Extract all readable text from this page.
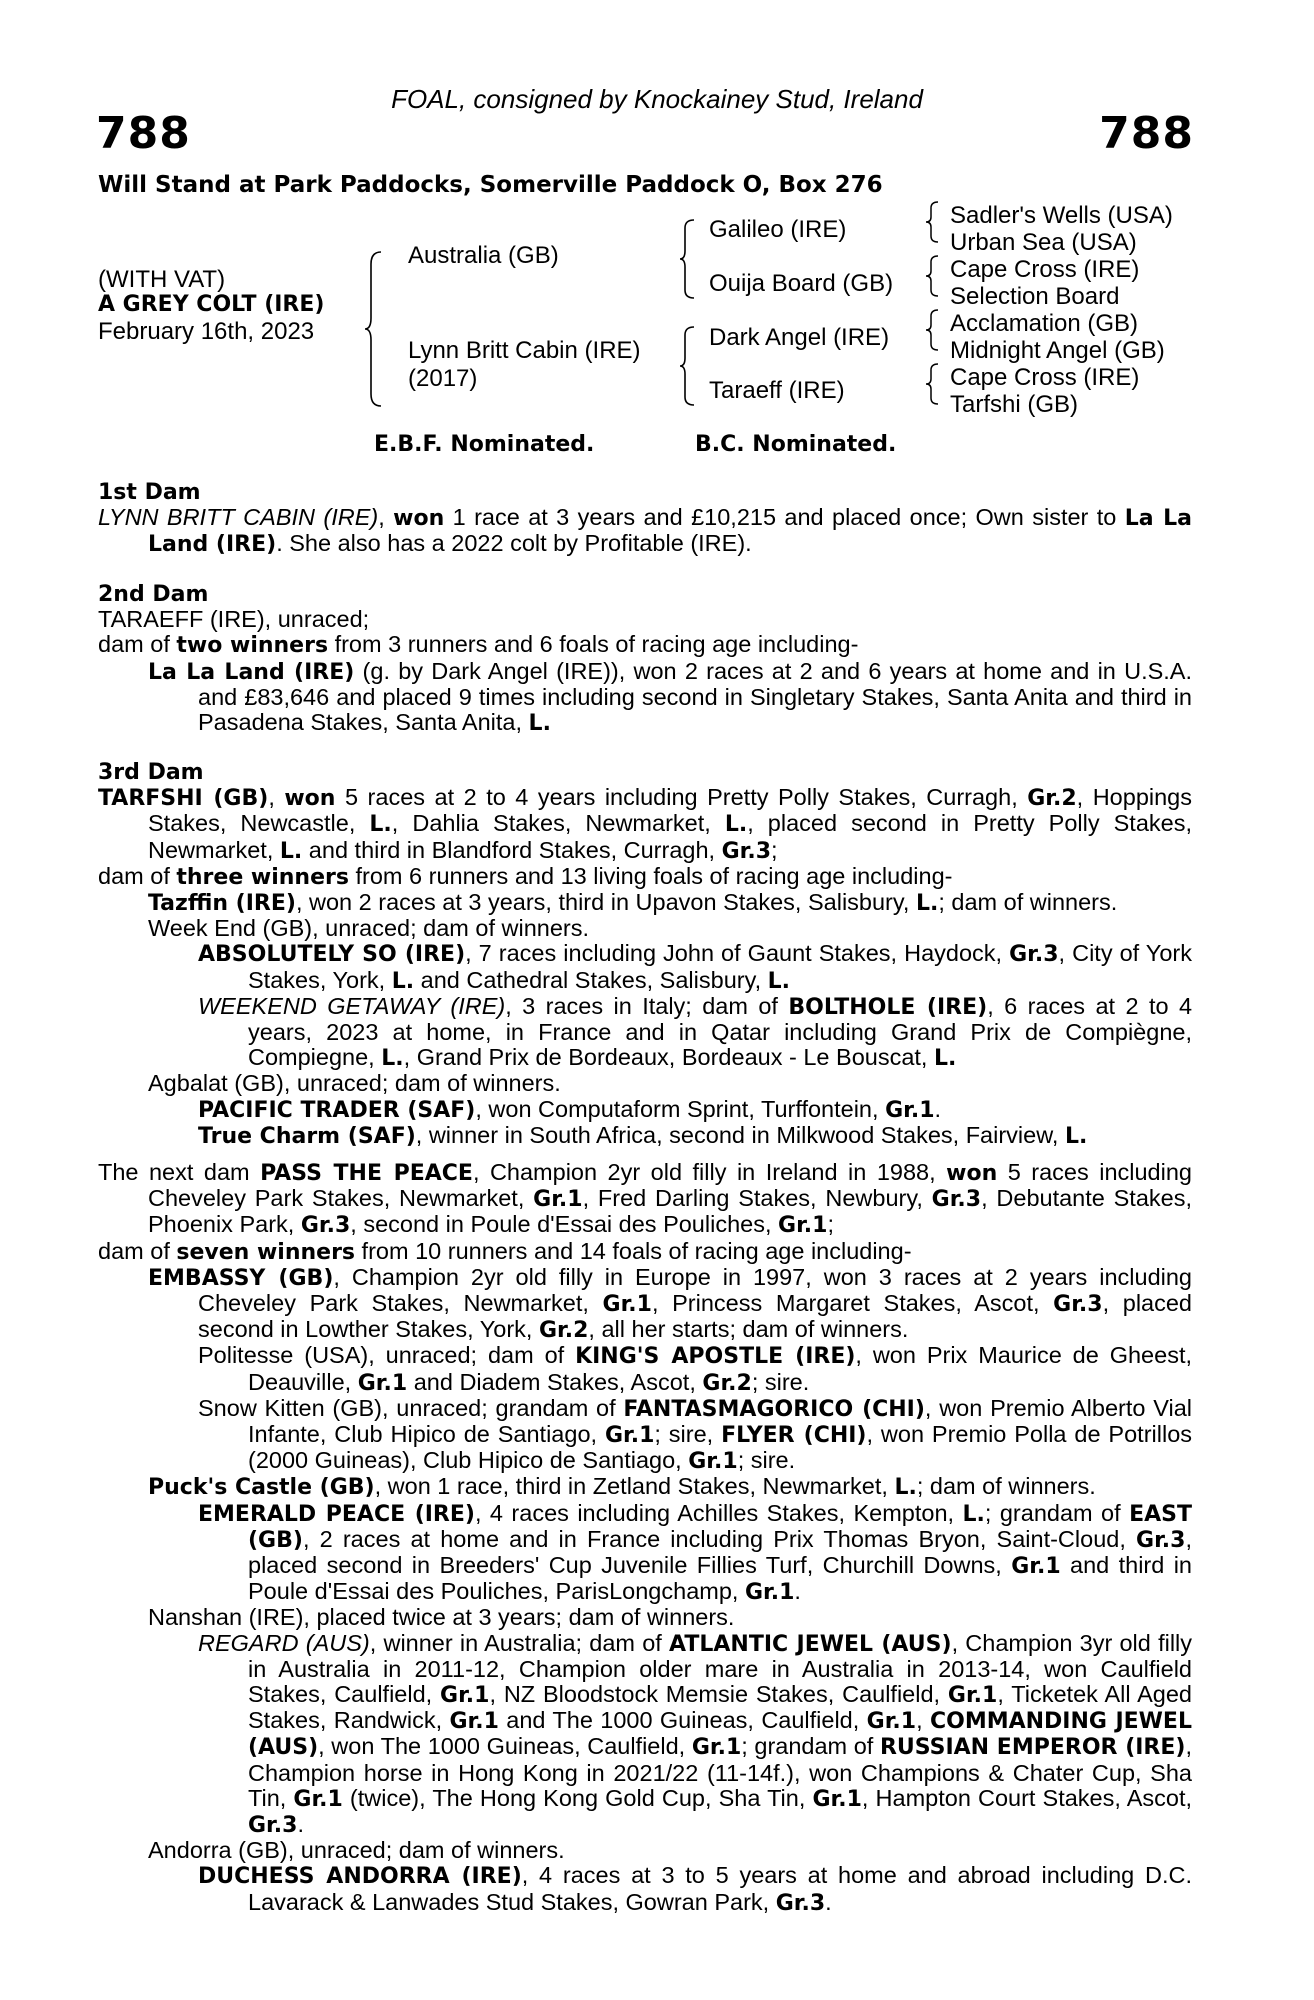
FOAL, consigned by Knockainey Stud, Ireland
788	788
Will Stand at Park Paddocks, Somerville Paddock O, Box 276
(WITH VAT)
A GREY COLT (IRE)
February 16th, 2023
Australia (GB)
Lynn Britt Cabin (IRE)
(2017)
Galileo (IRE)
Ouija Board (GB)
Dark Angel (IRE)
Taraeff (IRE)
Sadler's Wells (USA)
Urban Sea (USA)
Cape Cross (IRE)
Selection Board
Acclamation (GB)
Midnight Angel (GB)
Cape Cross (IRE)
Tarfshi (GB)
E.B.F. Nominated.	B.C. Nominated.
1st Dam
LYNN BRITT CABIN (IRE), won 1 race at 3 years and £10,215 and placed once; Own sister to La La Land (IRE). She also has a 2022 colt by Profitable (IRE).
2nd Dam
TARAEFF (IRE), unraced;
dam of two winners from 3 runners and 6 foals of racing age including-
La La Land (IRE) (g. by Dark Angel (IRE)), won 2 races at 2 and 6 years at home and in U.S.A. and £83,646 and placed 9 times including second in Singletary Stakes, Santa Anita and third in Pasadena Stakes, Santa Anita, L.
3rd Dam
TARFSHI (GB), won 5 races at 2 to 4 years including Pretty Polly Stakes, Curragh, Gr.2, Hoppings Stakes, Newcastle, L., Dahlia Stakes, Newmarket, L., placed second in Pretty Polly Stakes, Newmarket, L. and third in Blandford Stakes, Curragh, Gr.3;
dam of three winners from 6 runners and 13 living foals of racing age including-
Tazffin (IRE), won 2 races at 3 years, third in Upavon Stakes, Salisbury, L.; dam of winners.
Week End (GB), unraced; dam of winners.
ABSOLUTELY SO (IRE), 7 races including John of Gaunt Stakes, Haydock, Gr.3, City of York Stakes, York, L. and Cathedral Stakes, Salisbury, L.
WEEKEND GETAWAY (IRE), 3 races in Italy; dam of BOLTHOLE (IRE), 6 races at 2 to 4 years, 2023 at home, in France and in Qatar including Grand Prix de Compiègne, Compiegne, L., Grand Prix de Bordeaux, Bordeaux - Le Bouscat, L.
Agbalat (GB), unraced; dam of winners.
PACIFIC TRADER (SAF), won Computaform Sprint, Turffontein, Gr.1.
True Charm (SAF), winner in South Africa, second in Milkwood Stakes, Fairview, L.
The next dam PASS THE PEACE, Champion 2yr old filly in Ireland in 1988, won 5 races including Cheveley Park Stakes, Newmarket, Gr.1, Fred Darling Stakes, Newbury, Gr.3, Debutante Stakes, Phoenix Park, Gr.3, second in Poule d'Essai des Pouliches, Gr.1;
dam of seven winners from 10 runners and 14 foals of racing age including-
EMBASSY (GB), Champion 2yr old filly in Europe in 1997, won 3 races at 2 years including Cheveley Park Stakes, Newmarket, Gr.1, Princess Margaret Stakes, Ascot, Gr.3, placed second in Lowther Stakes, York, Gr.2, all her starts; dam of winners.
Politesse (USA), unraced; dam of KING'S APOSTLE (IRE), won Prix Maurice de Gheest, Deauville, Gr.1 and Diadem Stakes, Ascot, Gr.2; sire.
Snow Kitten (GB), unraced; grandam of FANTASMAGORICO (CHI), won Premio Alberto Vial Infante, Club Hipico de Santiago, Gr.1; sire, FLYER (CHI), won Premio Polla de Potrillos (2000 Guineas), Club Hipico de Santiago, Gr.1; sire.
Puck's Castle (GB), won 1 race, third in Zetland Stakes, Newmarket, L.; dam of winners.
EMERALD PEACE (IRE), 4 races including Achilles Stakes, Kempton, L.; grandam of EAST (GB), 2 races at home and in France including Prix Thomas Bryon, Saint-Cloud, Gr.3, placed second in Breeders' Cup Juvenile Fillies Turf, Churchill Downs, Gr.1 and third in Poule d'Essai des Pouliches, ParisLongchamp, Gr.1.
Nanshan (IRE), placed twice at 3 years; dam of winners.
REGARD (AUS), winner in Australia; dam of ATLANTIC JEWEL (AUS), Champion 3yr old filly in Australia in 2011-12, Champion older mare in Australia in 2013-14, won Caulfield Stakes, Caulfield, Gr.1, NZ Bloodstock Memsie Stakes, Caulfield, Gr.1, Ticketek All Aged Stakes, Randwick, Gr.1 and The 1000 Guineas, Caulfield, Gr.1, COMMANDING JEWEL (AUS), won The 1000 Guineas, Caulfield, Gr.1; grandam of RUSSIAN EMPEROR (IRE), Champion horse in Hong Kong in 2021/22 (11-14f.), won Champions & Chater Cup, Sha Tin, Gr.1 (twice), The Hong Kong Gold Cup, Sha Tin, Gr.1, Hampton Court Stakes, Ascot, Gr.3.
Andorra (GB), unraced; dam of winners.
DUCHESS ANDORRA (IRE), 4 races at 3 to 5 years at home and abroad including D.C. Lavarack & Lanwades Stud Stakes, Gowran Park, Gr.3.
